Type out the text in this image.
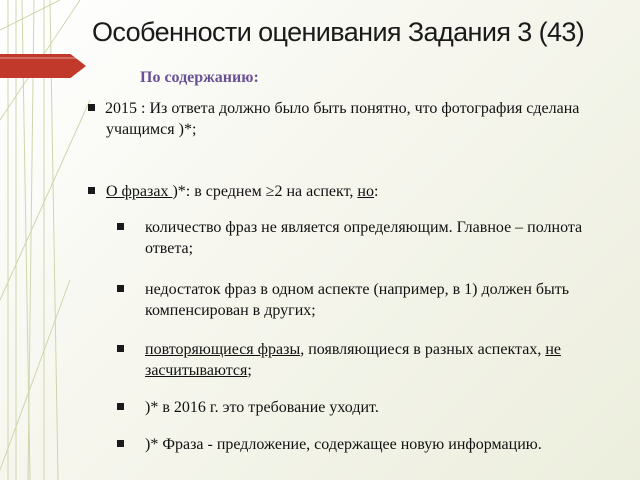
Особенности оценивания Задания 3 (43)
По содержанию:
2015 : Из ответа должно было быть понятно, что фотография сделана учащимся )*;
О фразах )*: в среднем ≥2 на аспект, но:
количество фраз не является определяющим. Главное – полнота ответа;
недостаток фраз в одном аспекте (например, в 1) должен быть компенсирован в других;
повторяющиеся фразы, появляющиеся в разных аспектах, не засчитываются;
)* в 2016 г. это требование уходит.
)* Фраза - предложение, содержащее новую информацию.
